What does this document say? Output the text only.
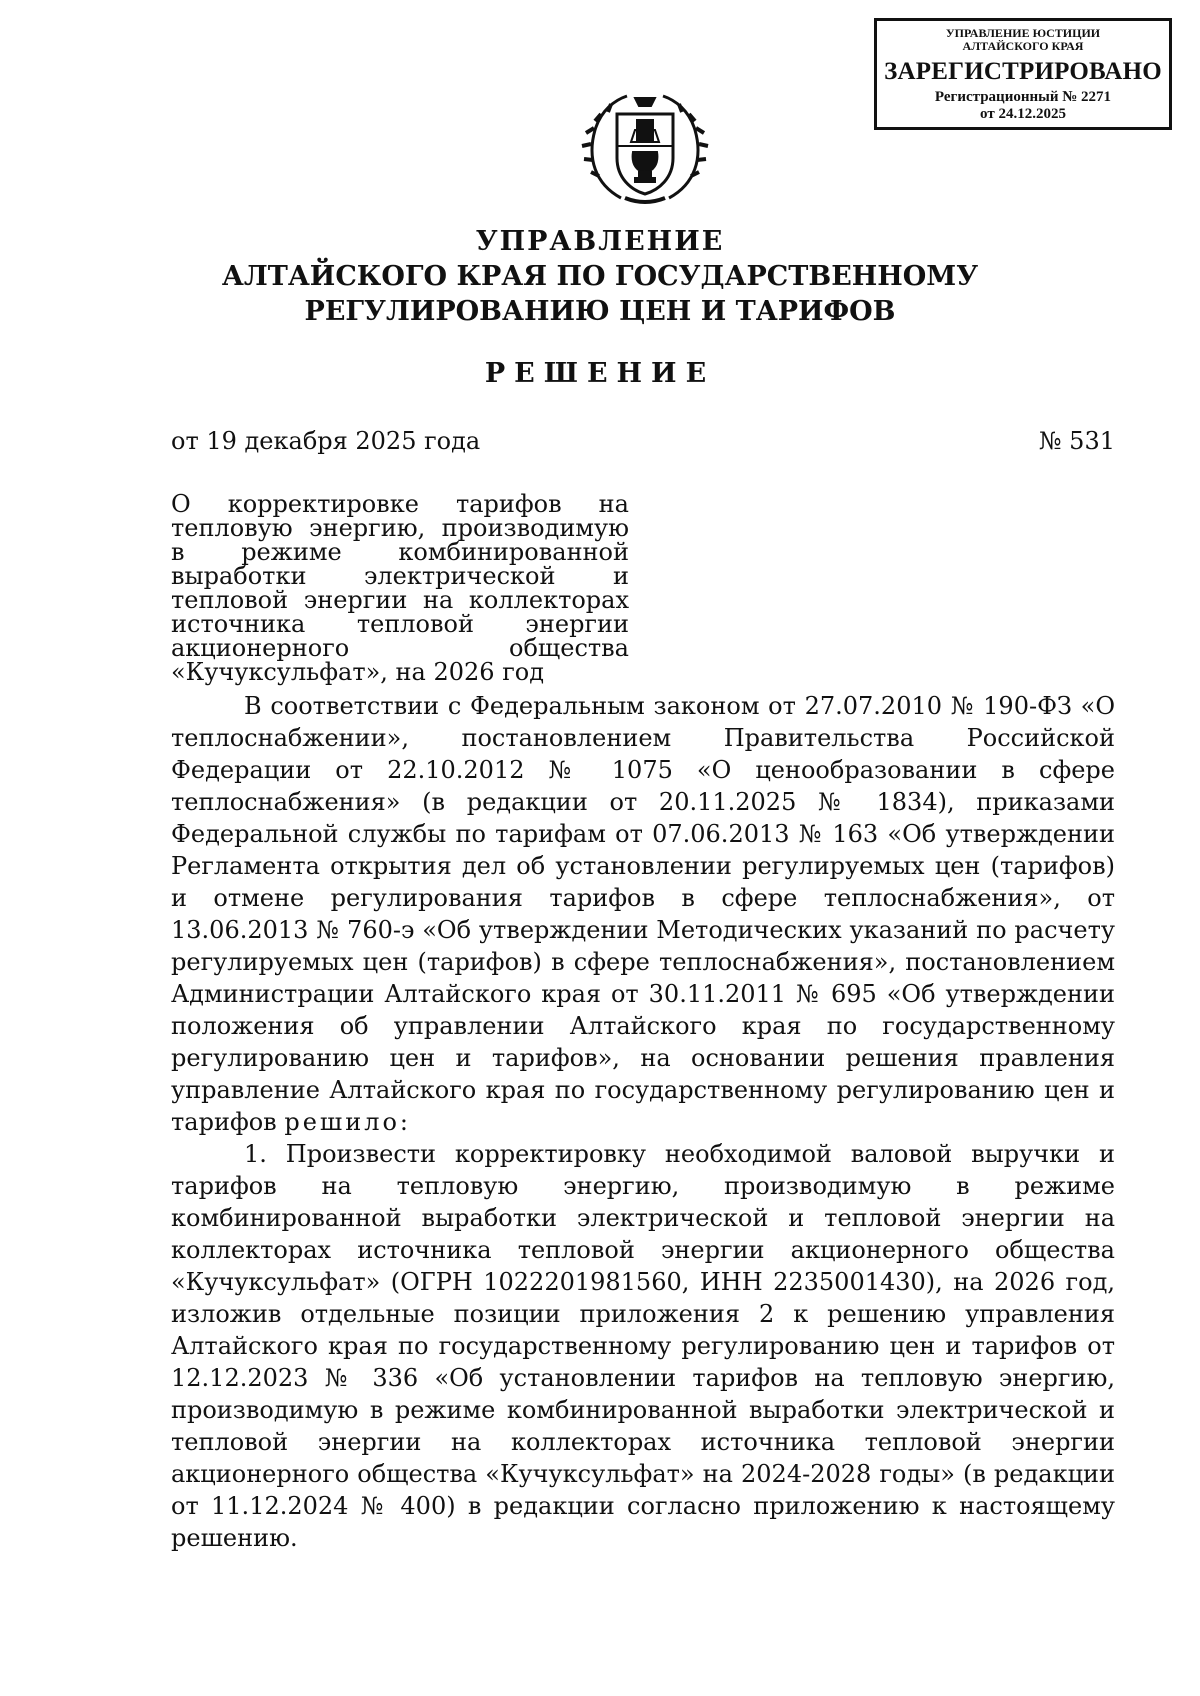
УПРАВЛЕНИЕ ЮСТИЦИИ
АЛТАЙСКОГО КРАЯ
ЗАРЕГИСТРИРОВАНО
Регистрационный № 2271
от 24.12.2025
УПРАВЛЕНИЕ
АЛТАЙСКОГО КРАЯ ПО ГОСУДАРСТВЕННОМУ
РЕГУЛИРОВАНИЮ ЦЕН И ТАРИФОВ
РЕШЕНИЕ
от 19 декабря 2025 года	№ 531
О корректировке тарифов на тепловую энергию, производимую в режиме комбинированной выработки электрической и тепловой энергии на коллекторах источника тепловой энергии акционерного общества «Кучуксульфат», на 2026 год

В соответствии с Федеральным законом от 27.07.2010 № 190-ФЗ «О теплоснабжении», постановлением Правительства Российской Федерации от 22.10.2012 № 1075 «О ценообразовании в сфере теплоснабжения» (в редакции от 20.11.2025 № 1834), приказами Федеральной службы по тарифам от 07.06.2013 № 163 «Об утверждении Регламента открытия дел об установлении регулируемых цен (тарифов) и отмене регулирования тарифов в сфере теплоснабжения», от 13.06.2013 № 760-э «Об утверждении Методических указаний по расчету регулируемых цен (тарифов) в сфере теплоснабжения», постановлением Администрации Алтайского края от 30.11.2011 № 695 «Об утверждении положения об управлении Алтайского края по государственному регулированию цен и тарифов», на основании решения правления управление Алтайского края по государственному регулированию цен и тарифов решило:

1. Произвести корректировку необходимой валовой выручки и тарифов на тепловую энергию, производимую в режиме комбинированной выработки электрической и тепловой энергии на коллекторах источника тепловой энергии акционерного общества «Кучуксульфат» (ОГРН 1022201981560, ИНН 2235001430), на 2026 год, изложив отдельные позиции приложения 2 к решению управления Алтайского края по государственному регулированию цен и тарифов от 12.12.2023 № 336 «Об установлении тарифов на тепловую энергию, производимую в режиме комбинированной выработки электрической и тепловой энергии на коллекторах источника тепловой энергии акционерного общества «Кучуксульфат» на 2024-2028 годы» (в редакции от 11.12.2024 № 400) в редакции согласно приложению к настоящему решению.
